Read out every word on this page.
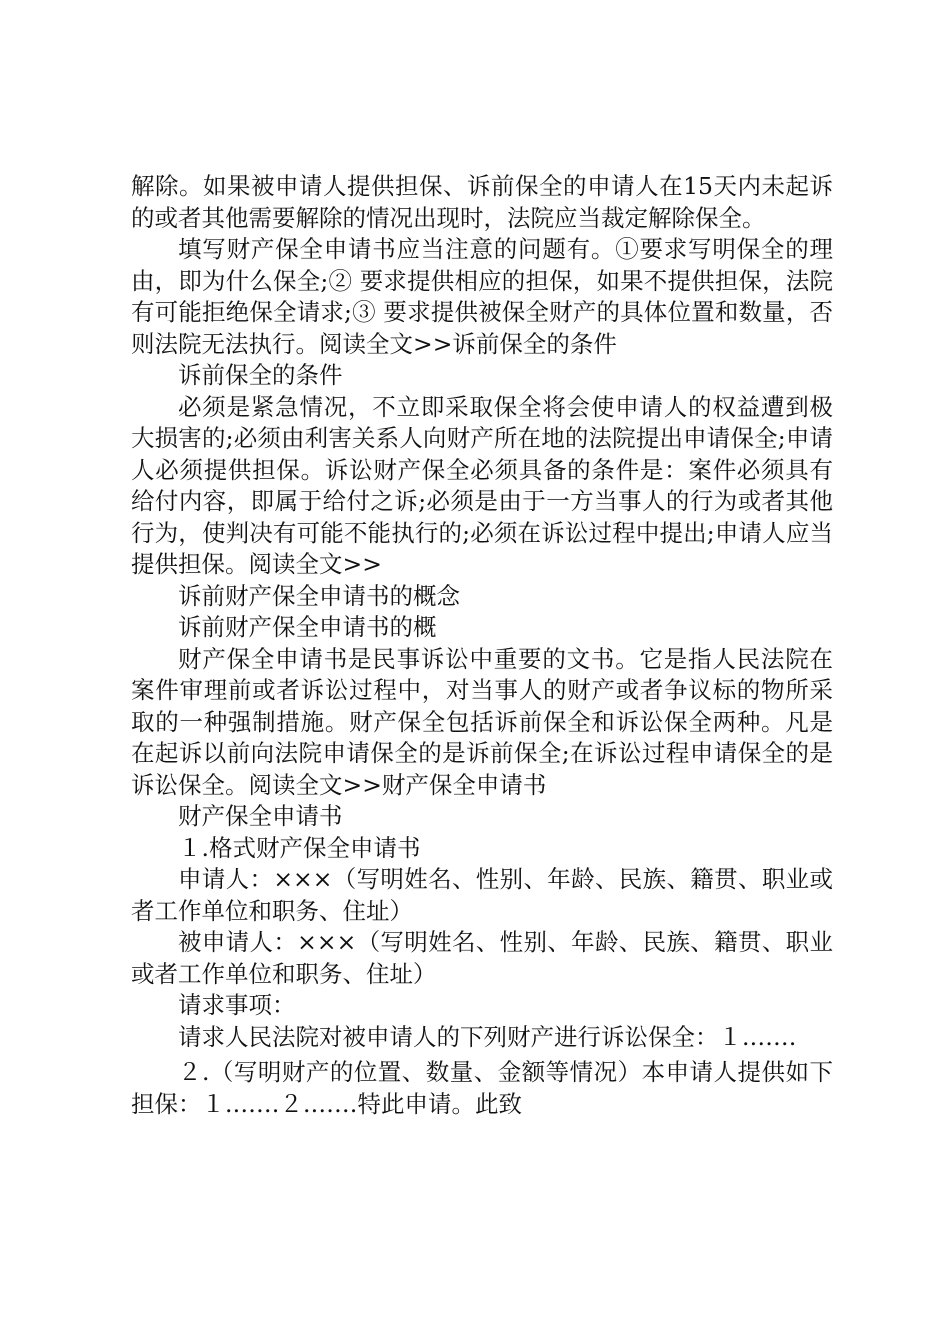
解除。如果被申请人提供担保、诉前保全的申请人在15天内未起诉的或者其他需要解除的情况出现时，法院应当裁定解除保全。

填写财产保全申请书应当注意的问题有。①要求写明保全的理由，即为什么保全;② 要求提供相应的担保，如果不提供担保，法院有可能拒绝保全请求;③ 要求提供被保全财产的具体位置和数量，否则法院无法执行。阅读全文>>诉前保全的条件

诉前保全的条件

必须是紧急情况，不立即采取保全将会使申请人的权益遭到极大损害的;必须由利害关系人向财产所在地的法院提出申请保全;申请人必须提供担保。诉讼财产保全必须具备的条件是：案件必须具有给付内容，即属于给付之诉;必须是由于一方当事人的行为或者其他行为，使判决有可能不能执行的;必须在诉讼过程中提出;申请人应当提供担保。阅读全文>>

诉前财产保全申请书的概念

诉前财产保全申请书的概

财产保全申请书是民事诉讼中重要的文书。它是指人民法院在案件审理前或者诉讼过程中，对当事人的财产或者争议标的物所采取的一种强制措施。财产保全包括诉前保全和诉讼保全两种。凡是在起诉以前向法院申请保全的是诉前保全;在诉讼过程申请保全的是诉讼保全。阅读全文>>财产保全申请书

财产保全申请书

１.格式财产保全申请书

申请人：×××（写明姓名、性别、年龄、民族、籍贯、职业或者工作单位和职务、住址）

被申请人：×××（写明姓名、性别、年龄、民族、籍贯、职业或者工作单位和职务、住址）

请求事项：

请求人民法院对被申请人的下列财产进行诉讼保全：１.……

２.（写明财产的位置、数量、金额等情况）本申请人提供如下担保：１.……２.……特此申请。此致
